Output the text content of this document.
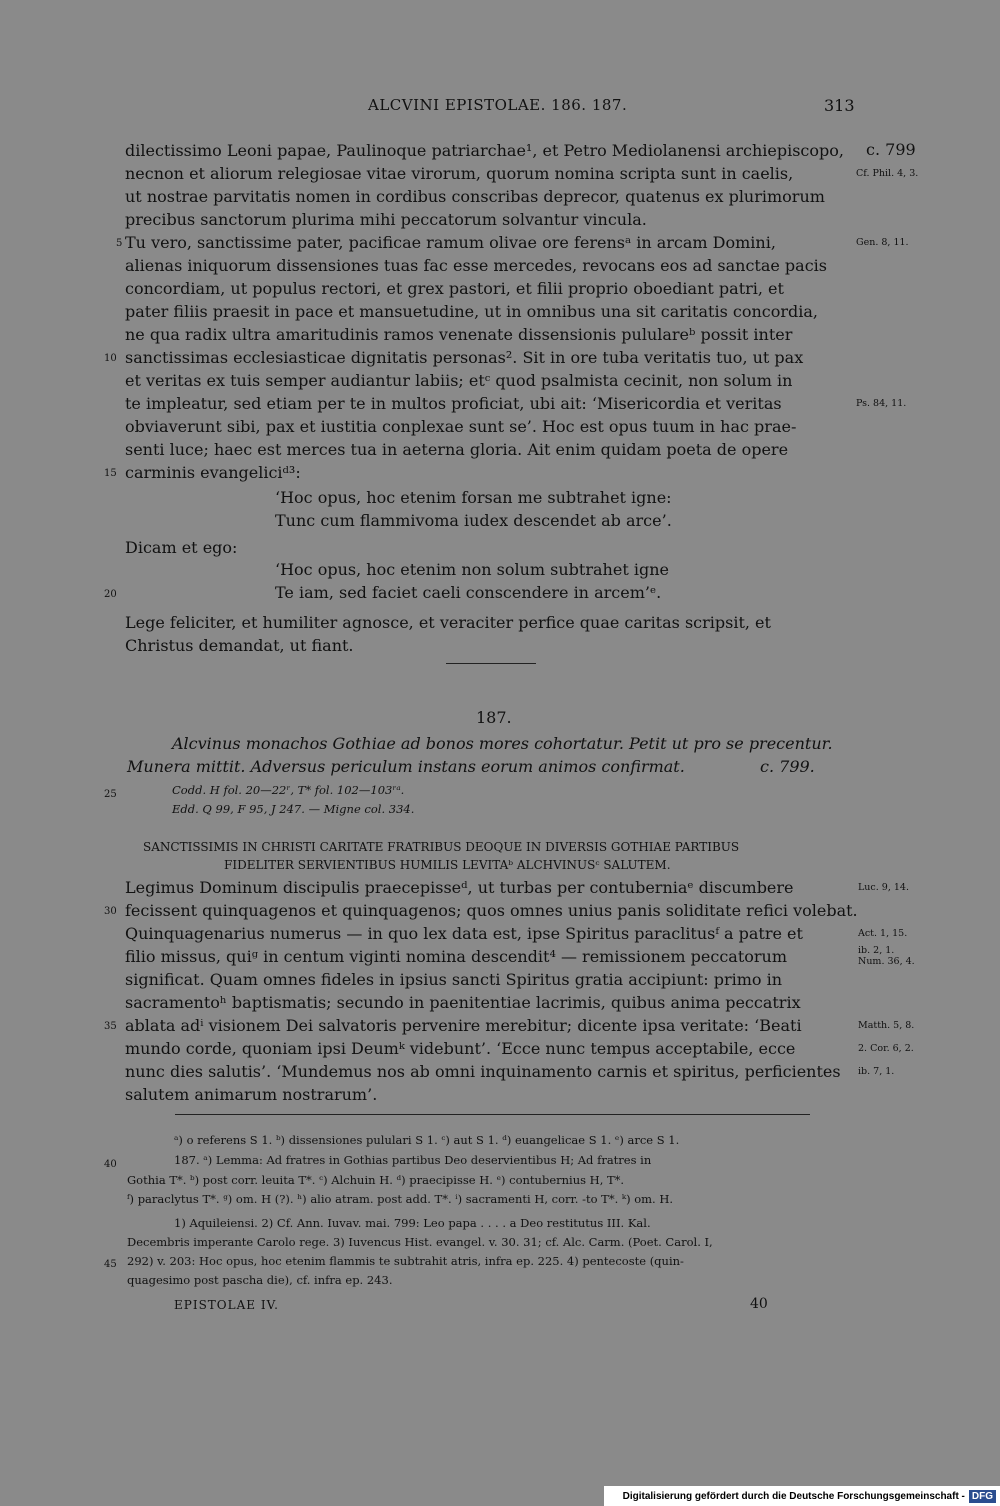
ALCVINI EPISTOLAE. 186. 187.	313
dilectissimo Leoni papae, Paulinoque patriarchae¹, et Petro Mediolanensi archiepiscopo,
necnon et aliorum relegiosae vitae virorum, quorum nomina scripta sunt in caelis,
ut nostrae parvitatis nomen in cordibus conscribas deprecor, quatenus ex plurimorum
precibus sanctorum plurima mihi peccatorum solvantur vincula.
Tu vero, sanctissime pater, pacificae ramum olivae ore ferensᵃ in arcam Domini,
alienas iniquorum dissensiones tuas fac esse mercedes, revocans eos ad sanctae pacis
concordiam, ut populus rectori, et grex pastori, et filii proprio oboediant patri, et
pater filiis praesit in pace et mansuetudine, ut in omnibus una sit caritatis concordia,
ne qua radix ultra amaritudinis ramos venenate dissensionis pululareᵇ possit inter
sanctissimas ecclesiasticae dignitatis personas². Sit in ore tuba veritatis tuo, ut pax
et veritas ex tuis semper audiantur labiis; etᶜ quod psalmista cecinit, non solum in
te impleatur, sed etiam per te in multos proficiat, ubi ait: ‘Misericordia et veritas
obviaverunt sibi, pax et iustitia conplexae sunt se’. Hoc est opus tuum in hac prae-
senti luce; haec est merces tua in aeterna gloria. Ait enim quidam poeta de opere
carminis evangeliciᵈ³:
‘Hoc opus, hoc etenim forsan me subtrahet igne:
Tunc cum flammivoma iudex descendet ab arce’.
Dicam et ego:
‘Hoc opus, hoc etenim non solum subtrahet igne
Te iam, sed faciet caeli conscendere in arcem’ᵉ.
Lege feliciter, et humiliter agnosce, et veraciter perfice quae caritas scripsit, et
Christus demandat, ut fiant.
c. 799
Cf. Phil. 4, 3.
Gen. 8, 11.
Ps. 84, 11.
5
10
15
20
187.
Alcvinus monachos Gothiae ad bonos mores cohortatur. Petit ut pro se precentur.
Munera mittit. Adversus periculum instans eorum animos confirmat.	c. 799.
Codd. H fol. 20—22ʳ, T* fol. 102—103ʳᵃ.
Edd. Q 99, F 95, J 247. — Migne col. 334.
25
SANCTISSIMIS IN CHRISTI CARITATE FRATRIBUS DEOQUE IN DIVERSIS GOTHIAE PARTIBUS
FIDELITER SERVIENTIBUS HUMILIS LEVITAᵇ ALCHVINUSᶜ SALUTEM.
Legimus Dominum discipulis praecepisseᵈ, ut turbas per contuberniaᵉ discumbere
fecissent quinquagenos et quinquagenos; quos omnes unius panis soliditate refici volebat.
Quinquagenarius numerus — in quo lex data est, ipse Spiritus paraclitusᶠ a patre et
filio missus, quiᵍ in centum viginti nomina descendit⁴ — remissionem peccatorum
significat. Quam omnes fideles in ipsius sancti Spiritus gratia accipiunt: primo in
sacramentoʰ baptismatis; secundo in paenitentiae lacrimis, quibus anima peccatrix
ablata adⁱ visionem Dei salvatoris pervenire merebitur; dicente ipsa veritate: ‘Beati
mundo corde, quoniam ipsi Deumᵏ videbunt’. ‘Ecce nunc tempus acceptabile, ecce
nunc dies salutis’. ‘Mundemus nos ab omni inquinamento carnis et spiritus, perficientes
salutem animarum nostrarum’.
Luc. 9, 14.
Act. 1, 15.
ib. 2, 1.
Num. 36, 4.
Matth. 5, 8.
2. Cor. 6, 2.
ib. 7, 1.
30
35
ᵃ) o referens S 1. ᵇ) dissensiones pululari S 1. ᶜ) aut S 1. ᵈ) euangelicae S 1. ᵉ) arce S 1.
187. ᵃ) Lemma: Ad fratres in Gothias partibus Deo deservientibus H; Ad fratres in
Gothia T*. ᵇ) post corr. leuita T*. ᶜ) Alchuin H. ᵈ) praecipisse H. ᵉ) contubernius H, T*.
ᶠ) paraclytus T*. ᵍ) om. H (?). ʰ) alio atram. post add. T*. ⁱ) sacramenti H, corr. -to T*. ᵏ) om. H.
1) Aquileiensi. 2) Cf. Ann. Iuvav. mai. 799: Leo papa . . . . a Deo restitutus III. Kal.
Decembris imperante Carolo rege. 3) Iuvencus Hist. evangel. v. 30. 31; cf. Alc. Carm. (Poet. Carol. I,
292) v. 203: Hoc opus, hoc etenim flammis te subtrahit atris, infra ep. 225. 4) pentecoste (quin-
quagesimo post pascha die), cf. infra ep. 243.
40
45
EPISTOLAE IV.	40
Digitalisierung gefördert durch die Deutsche Forschungsgemeinschaft - DFG
